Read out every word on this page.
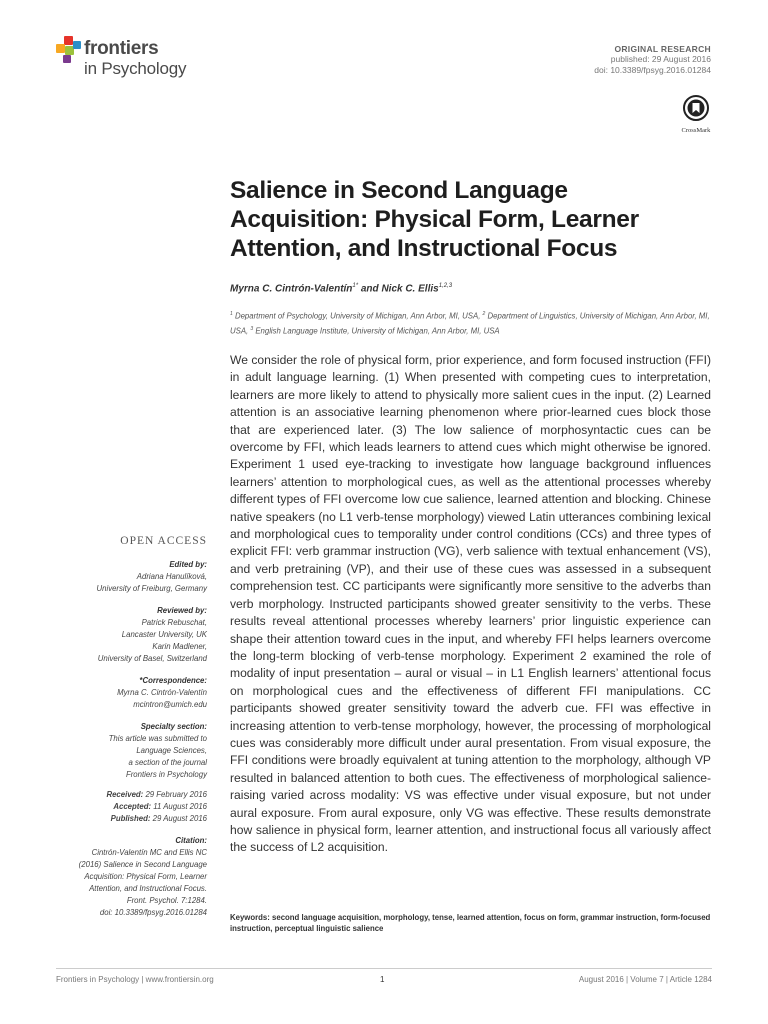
frontiers
in Psychology
ORIGINAL RESEARCH
published: 29 August 2016
doi: 10.3389/fpsyg.2016.01284
CrossMark
Salience in Second Language Acquisition: Physical Form, Learner Attention, and Instructional Focus
Myrna C. Cintrón-Valentín$^{1*}$ and Nick C. Ellis$^{1,2,3}$
$^1$ Department of Psychology, University of Michigan, Ann Arbor, MI, USA, $^2$ Department of Linguistics, University of Michigan, Ann Arbor, MI, USA, $^3$ English Language Institute, University of Michigan, Ann Arbor, MI, USA
We consider the role of physical form, prior experience, and form focused instruction (FFI) in adult language learning. (1) When presented with competing cues to interpretation, learners are more likely to attend to physically more salient cues in the input. (2) Learned attention is an associative learning phenomenon where prior-learned cues block those that are experienced later. (3) The low salience of morphosyntactic cues can be overcome by FFI, which leads learners to attend cues which might otherwise be ignored. Experiment 1 used eye-tracking to investigate how language background influences learners’ attention to morphological cues, as well as the attentional processes whereby different types of FFI overcome low cue salience, learned attention and blocking. Chinese native speakers (no L1 verb-tense morphology) viewed Latin utterances combining lexical and morphological cues to temporality under control conditions (CCs) and three types of explicit FFI: verb grammar instruction (VG), verb salience with textual enhancement (VS), and verb pretraining (VP), and their use of these cues was assessed in a subsequent comprehension test. CC participants were significantly more sensitive to the adverbs than verb morphology. Instructed participants showed greater sensitivity to the verbs. These results reveal attentional processes whereby learners’ prior linguistic experience can shape their attention toward cues in the input, and whereby FFI helps learners overcome the long-term blocking of verb-tense morphology. Experiment 2 examined the role of modality of input presentation – aural or visual – in L1 English learners’ attentional focus on morphological cues and the effectiveness of different FFI manipulations. CC participants showed greater sensitivity toward the adverb cue. FFI was effective in increasing attention to verb-tense morphology, however, the processing of morphological cues was considerably more difficult under aural presentation. From visual exposure, the FFI conditions were broadly equivalent at tuning attention to the morphology, although VP resulted in balanced attention to both cues. The effectiveness of morphological salience-raising varied across modality: VS was effective under visual exposure, but not under aural exposure. From aural exposure, only VG was effective. These results demonstrate how salience in physical form, learner attention, and instructional focus all variously affect the success of L2 acquisition.
Keywords: second language acquisition, morphology, tense, learned attention, focus on form, grammar instruction, form-focused instruction, perceptual linguistic salience
OPEN ACCESS
Edited by:
Adriana Hanulíková,
University of Freiburg, Germany
Reviewed by:
Patrick Rebuschat,
Lancaster University, UK
Karin Madlener,
University of Basel, Switzerland
*Correspondence:
Myrna C. Cintrón-Valentín
mcintron@umich.edu
Specialty section:
This article was submitted to
Language Sciences,
a section of the journal
Frontiers in Psychology
Received: 29 February 2016
Accepted: 11 August 2016
Published: 29 August 2016
Citation:
Cintrón-Valentín MC and Ellis NC
(2016) Salience in Second Language
Acquisition: Physical Form, Learner
Attention, and Instructional Focus.
Front. Psychol. 7:1284.
doi: 10.3389/fpsyg.2016.01284
Frontiers in Psychology | www.frontiersin.org	1	August 2016 | Volume 7 | Article 1284
